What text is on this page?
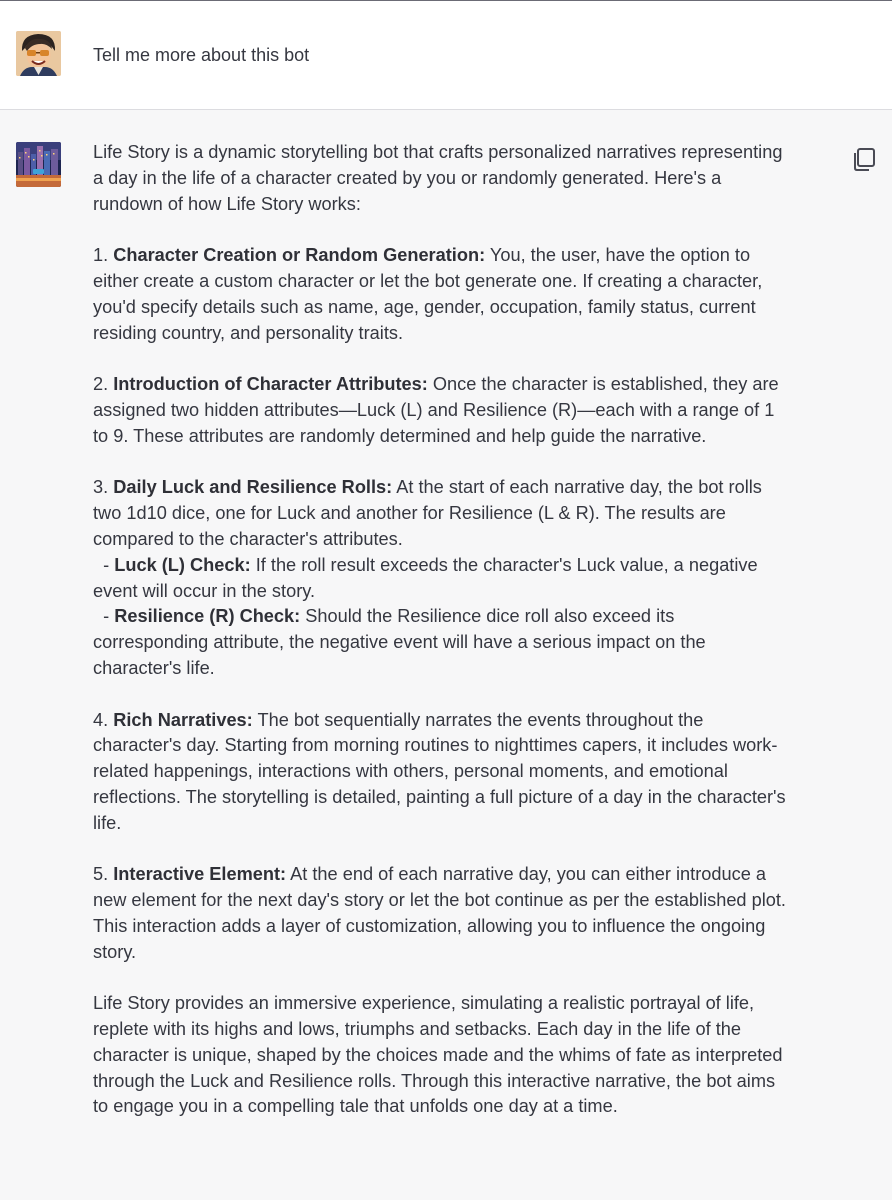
Tell me more about this bot

Life Story is a dynamic storytelling bot that crafts personalized narratives representing a day in the life of a character created by you or randomly generated. Here's a rundown of how Life Story works:

1. Character Creation or Random Generation: You, the user, have the option to either create a custom character or let the bot generate one. If creating a character, you'd specify details such as name, age, gender, occupation, family status, current residing country, and personality traits.

2. Introduction of Character Attributes: Once the character is established, they are assigned two hidden attributes—Luck (L) and Resilience (R)—each with a range of 1 to 9. These attributes are randomly determined and help guide the narrative.

3. Daily Luck and Resilience Rolls: At the start of each narrative day, the bot rolls two 1d10 dice, one for Luck and another for Resilience (L & R). The results are compared to the character's attributes.
- Luck (L) Check: If the roll result exceeds the character's Luck value, a negative event will occur in the story.
- Resilience (R) Check: Should the Resilience dice roll also exceed its corresponding attribute, the negative event will have a serious impact on the character's life.

4. Rich Narratives: The bot sequentially narrates the events throughout the character's day. Starting from morning routines to nighttimes capers, it includes work-related happenings, interactions with others, personal moments, and emotional reflections. The storytelling is detailed, painting a full picture of a day in the character's life.

5. Interactive Element: At the end of each narrative day, you can either introduce a new element for the next day's story or let the bot continue as per the established plot. This interaction adds a layer of customization, allowing you to influence the ongoing story.

Life Story provides an immersive experience, simulating a realistic portrayal of life, replete with its highs and lows, triumphs and setbacks. Each day in the life of the character is unique, shaped by the choices made and the whims of fate as interpreted through the Luck and Resilience rolls. Through this interactive narrative, the bot aims to engage you in a compelling tale that unfolds one day at a time.
